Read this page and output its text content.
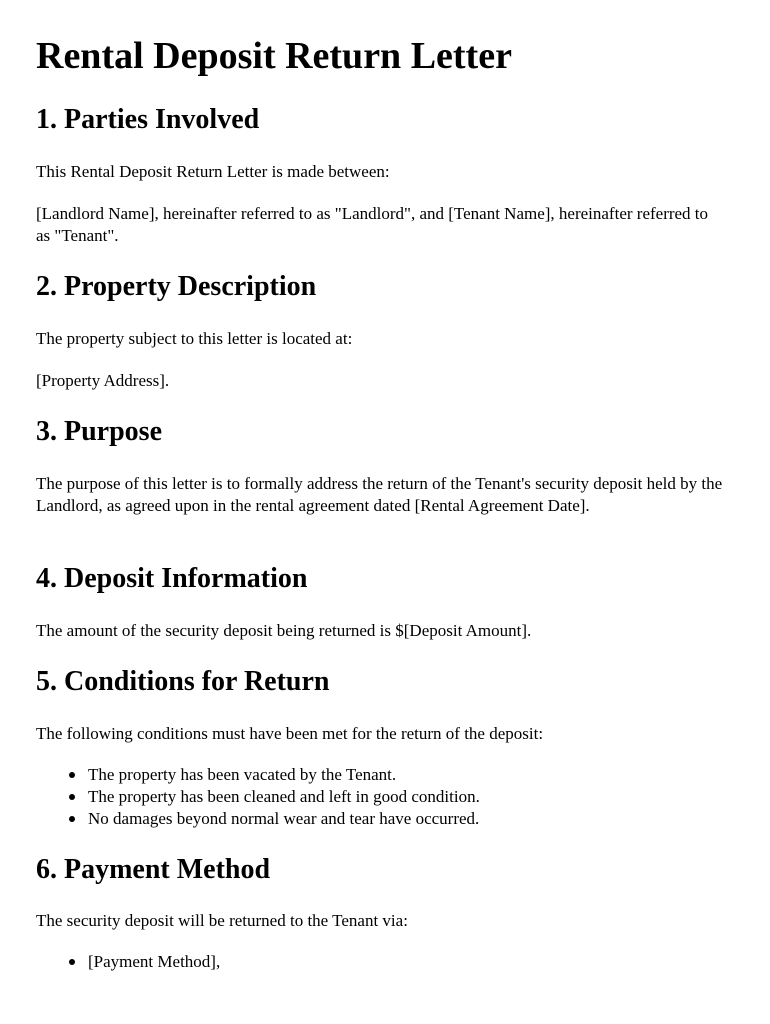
Rental Deposit Return Letter
1. Parties Involved

This Rental Deposit Return Letter is made between:

[Landlord Name], hereinafter referred to as "Landlord", and [Tenant Name], hereinafter referred to as "Tenant".

2. Property Description

The property subject to this letter is located at:

[Property Address].

3. Purpose

The purpose of this letter is to formally address the return of the Tenant's security deposit held by the Landlord, as agreed upon in the rental agreement dated [Rental Agreement Date].

4. Deposit Information

The amount of the security deposit being returned is $[Deposit Amount].

5. Conditions for Return

The following conditions must have been met for the return of the deposit:

The property has been vacated by the Tenant.
The property has been cleaned and left in good condition.
No damages beyond normal wear and tear have occurred.
6. Payment Method

The security deposit will be returned to the Tenant via:

[Payment Method],
